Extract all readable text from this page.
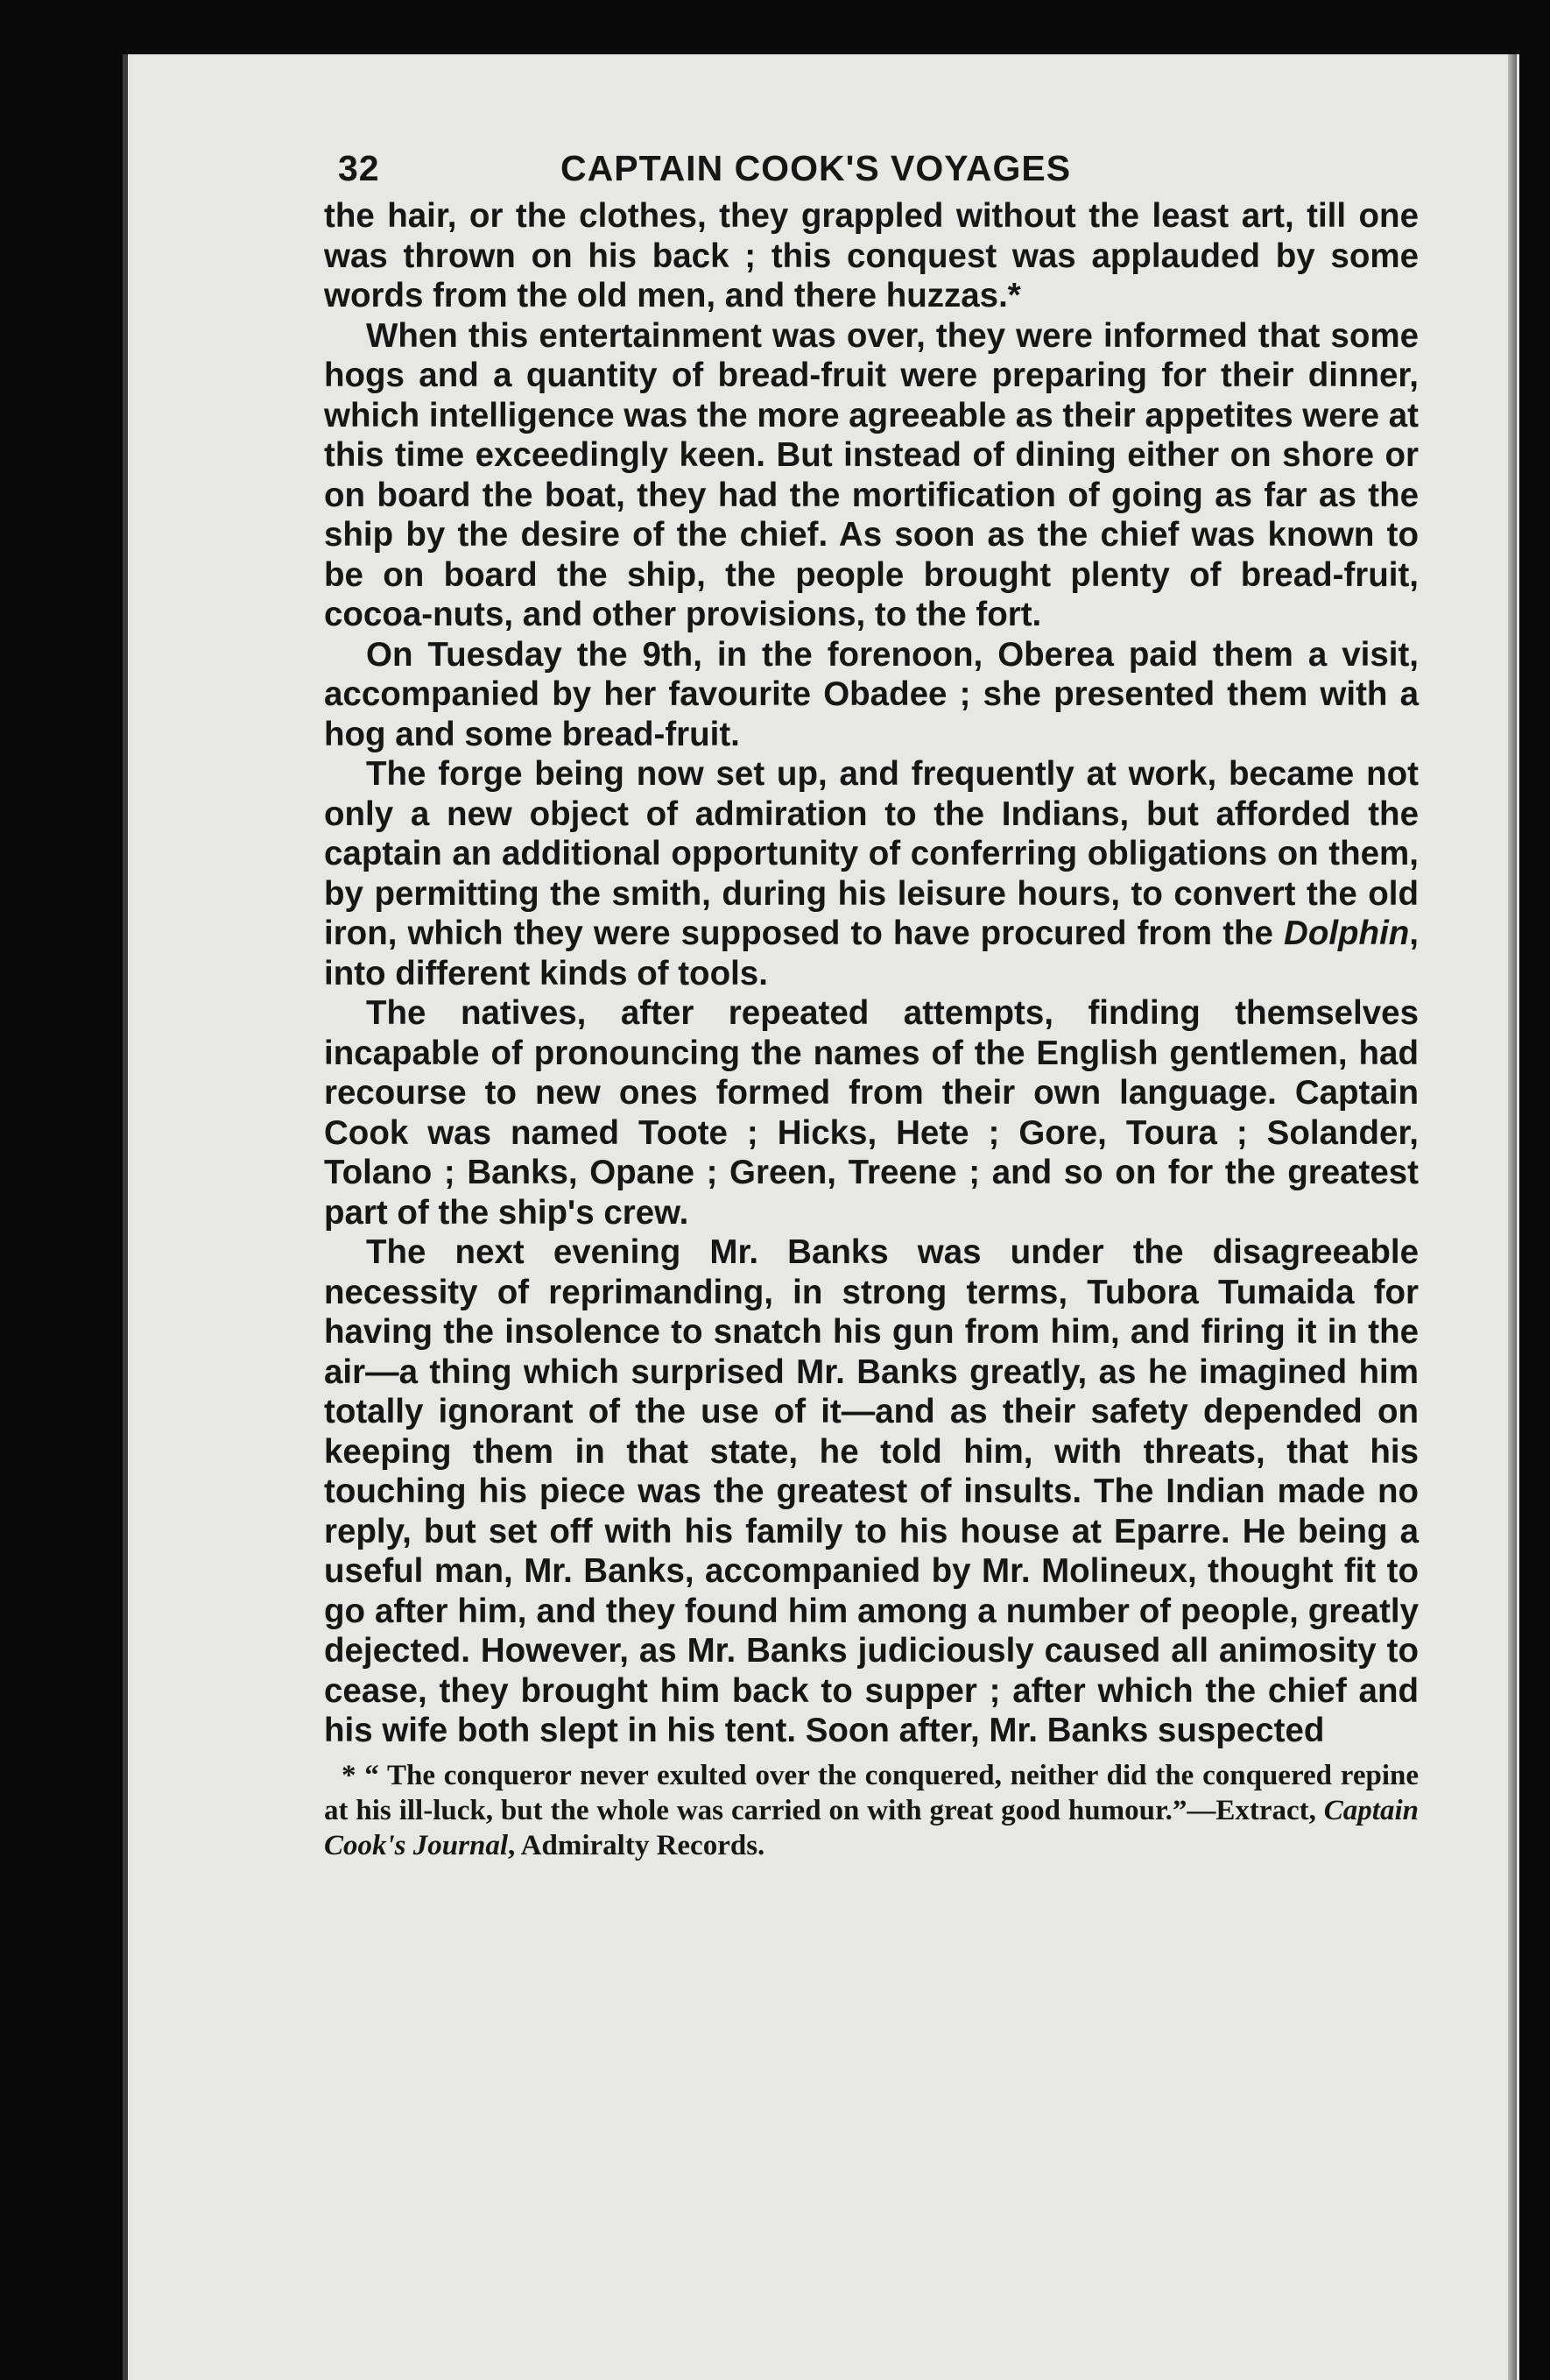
32	CAPTAIN COOK'S VOYAGES

the hair, or the clothes, they grappled without the least art, till one was thrown on his back ; this conquest was applauded by some words from the old men, and there huzzas.*

When this entertainment was over, they were informed that some hogs and a quantity of bread-fruit were preparing for their dinner, which intelligence was the more agreeable as their appetites were at this time exceedingly keen. But instead of dining either on shore or on board the boat, they had the mortification of going as far as the ship by the desire of the chief. As soon as the chief was known to be on board the ship, the people brought plenty of bread-fruit, cocoa-nuts, and other provisions, to the fort.

On Tuesday the 9th, in the forenoon, Oberea paid them a visit, accompanied by her favourite Obadee ; she presented them with a hog and some bread-fruit.

The forge being now set up, and frequently at work, became not only a new object of admiration to the Indians, but afforded the captain an additional opportunity of conferring obligations on them, by permitting the smith, during his leisure hours, to convert the old iron, which they were supposed to have procured from the Dolphin, into different kinds of tools.

The natives, after repeated attempts, finding themselves incapable of pronouncing the names of the English gentlemen, had recourse to new ones formed from their own language. Captain Cook was named Toote ; Hicks, Hete ; Gore, Toura ; Solander, Tolano ; Banks, Opane ; Green, Treene ; and so on for the greatest part of the ship's crew.

The next evening Mr. Banks was under the disagreeable necessity of reprimanding, in strong terms, Tubora Tumaida for having the insolence to snatch his gun from him, and firing it in the air—a thing which surprised Mr. Banks greatly, as he imagined him totally ignorant of the use of it—and as their safety depended on keeping them in that state, he told him, with threats, that his touching his piece was the greatest of insults. The Indian made no reply, but set off with his family to his house at Eparre. He being a useful man, Mr. Banks, accompanied by Mr. Molineux, thought fit to go after him, and they found him among a number of people, greatly dejected. However, as Mr. Banks judiciously caused all animosity to cease, they brought him back to supper ; after which the chief and his wife both slept in his tent. Soon after, Mr. Banks suspected

* “ The conqueror never exulted over the conquered, neither did the conquered repine at his ill-luck, but the whole was carried on with great good humour.”—Extract, Captain Cook's Journal, Admiralty Records.
